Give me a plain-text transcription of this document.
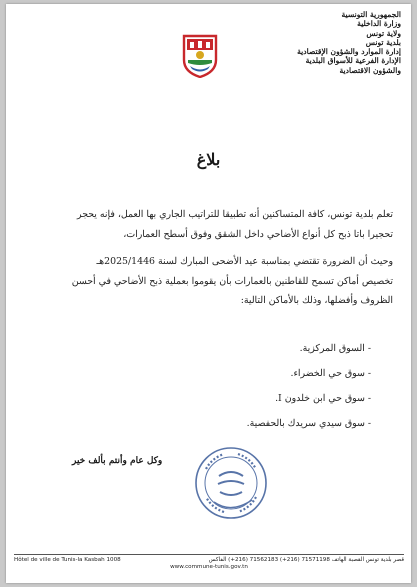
الجمهورية التونسية
وزارة الداخلية
ولاية تونس
بلدية تونس
إدارة الموارد والشؤون الإقتصادية
الإدارة الفرعية للأسواق البلدية
والشؤون الاقتصادية
بلاغ

تعلم بلدية تونس، كافة المتساكنين أنه تطبيقا للتراتيب الجاري بها العمل، فإنه يحجر

تحجيرا باتا ذبح كل أنواع الأضاحي داخل الشقق وفوق أسطح العمارات،

وحيث أن الضرورة تقتضي بمناسبة عيد الأضحى المبارك لسنة 2025/1446هـ

تخصيص أماكن تسمح للقاطنين بالعمارات بأن يقوموا بعملية ذبح الأضاحي في أحسن

الظروف وأفضلها، وذلك بالأماكن التالية:

- السوق المركزية.
- سوق حي الخضراء.
- سوق حي ابن خلدون I.
- سوق سيدي سريدك بالحفصية.
وكل عام وأنتم بألف خير
Hôtel de ville de Tunis-la Kasbah 1008	قصر بلدية تونس القصبة الهاتف 71571198 (216+) 71562183 (216+) الفاكس
www.commune-tunis.gov.tn
